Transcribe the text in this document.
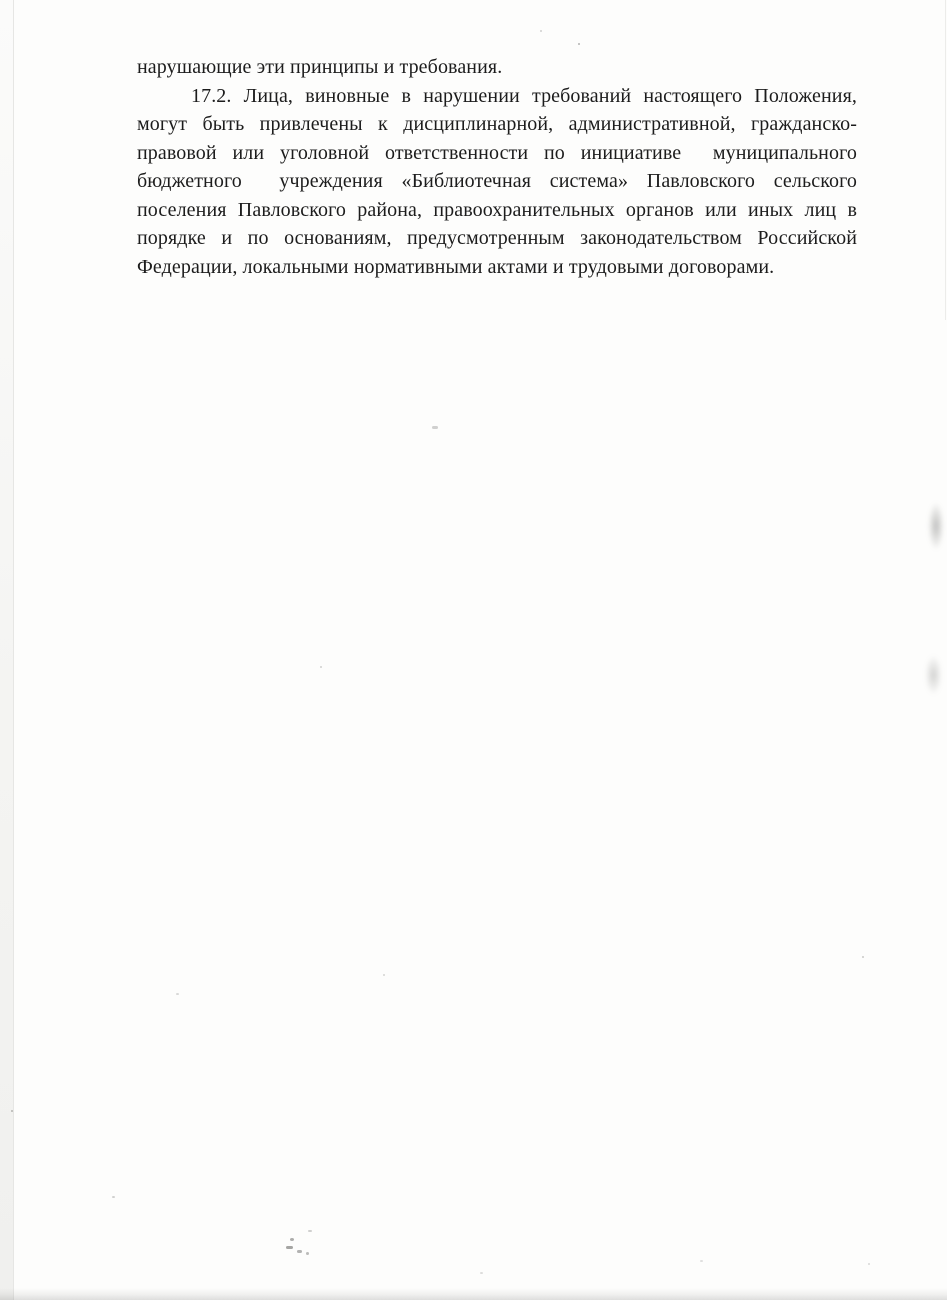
нарушающие эти принципы и требования.
17.2. Лица, виновные в нарушении требований настоящего Положения,
могут быть привлечены к дисциплинарной, административной, гражданско-
правовой или уголовной ответственности по инициативе  муниципального
бюджетного  учреждения «Библиотечная система» Павловского сельского
поселения Павловского района, правоохранительных органов или иных лиц в
порядке и по основаниям, предусмотренным законодательством Российской
Федерации, локальными нормативными актами и трудовыми договорами.
